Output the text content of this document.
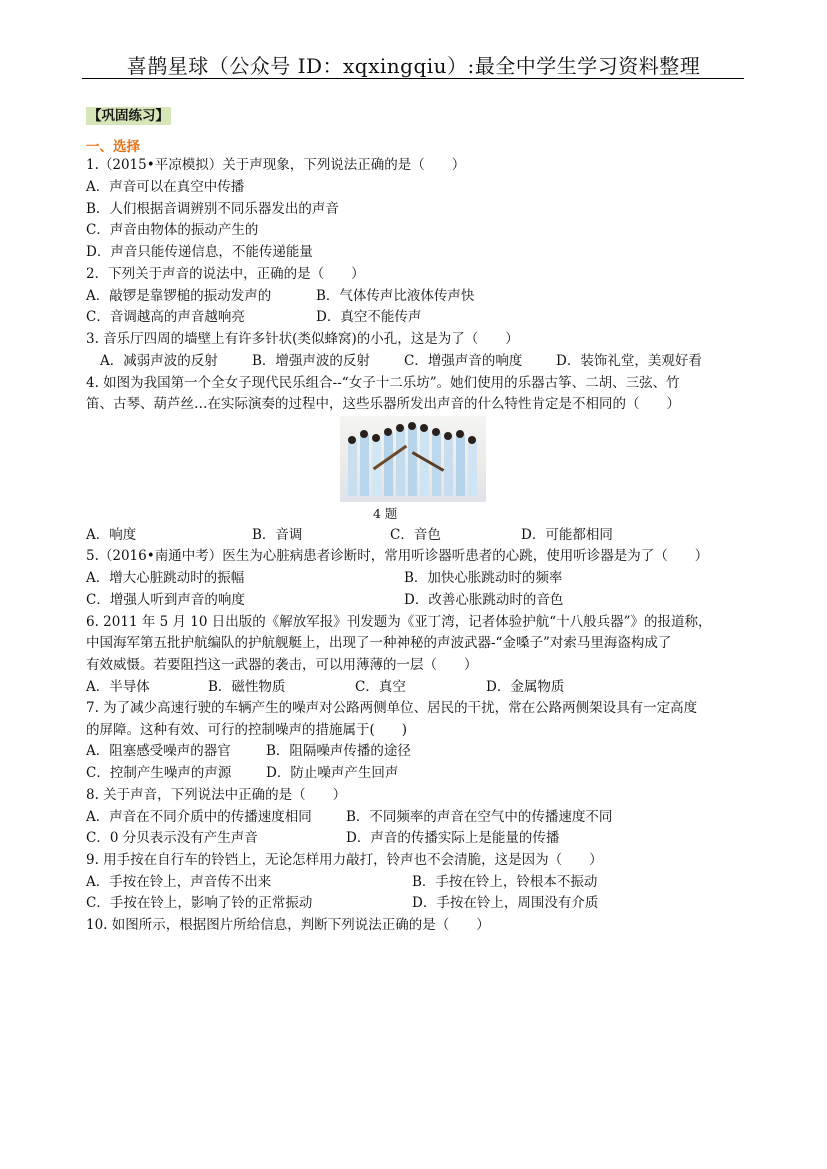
喜鹊星球（公众号 ID：xqxingqiu）:最全中学生学习资料整理
【巩固练习】
一、选择
1.（2015•平凉模拟）关于声现象，下列说法正确的是（　　）
A．声音可以在真空中传播
B．人们根据音调辨别不同乐器发出的声音
C．声音由物体的振动产生的
D．声音只能传递信息，不能传递能量
2．下列关于声音的说法中，正确的是（　　）
A．敲锣是靠锣槌的振动发声的	B．气体传声比液体传声快
C．音调越高的声音越响亮	D．真空不能传声
3. 音乐厅四周的墙壁上有许多针状(类似蜂窝)的小孔，这是为了（　　）
A．减弱声波的反射	B．增强声波的反射	C．增强声音的响度 D．装饰礼堂，美观好看
4. 如图为我国第一个全女子现代民乐组合--“女子十二乐坊”。她们使用的乐器古筝、二胡、三弦、竹
笛、古琴、葫芦丝…在实际演奏的过程中，这些乐器所发出声音的什么特性肯定是不相同的（　　）
4 题
A．响度	B．音调	C．音色	D．可能都相同
5.（2016•南通中考）医生为心脏病患者诊断时，常用听诊器听患者的心跳，使用听诊器是为了（　　）
A．增大心脏跳动时的振幅	B．加快心胀跳动时的频率
C．增强人听到声音的响度	D．改善心胀跳动时的音色
6. 2011 年 5 月 10 日出版的《解放军报》刊发题为《亚丁湾，记者体验护航“十八般兵器”》的报道称，
中国海军第五批护航编队的护航舰艇上，出现了一种神秘的声波武器-“金嗓子”对索马里海盗构成了
有效威慑。若要阻挡这一武器的袭击，可以用薄薄的一层（　　）
A．半导体	B．磁性物质	C．真空	D．金属物质
7. 为了减少高速行驶的车辆产生的噪声对公路两侧单位、居民的干扰，常在公路两侧架设具有一定高度
的屏障。这种有效、可行的控制噪声的措施属于(　　)
A．阻塞感受噪声的器官	B．阻隔噪声传播的途径
C．控制产生噪声的声源	D．防止噪声产生回声
8. 关于声音，下列说法中正确的是（　　）
A．声音在不同介质中的传播速度相同	B．不同频率的声音在空气中的传播速度不同
C．0 分贝表示没有产生声音	D．声音的传播实际上是能量的传播
9. 用手按在自行车的铃铛上，无论怎样用力敲打，铃声也不会清脆，这是因为（　　）
A．手按在铃上，声音传不出来	B．手按在铃上，铃根本不振动
C．手按在铃上，影响了铃的正常振动	D．手按在铃上，周围没有介质
10. 如图所示，根据图片所给信息，判断下列说法正确的是（　　）
